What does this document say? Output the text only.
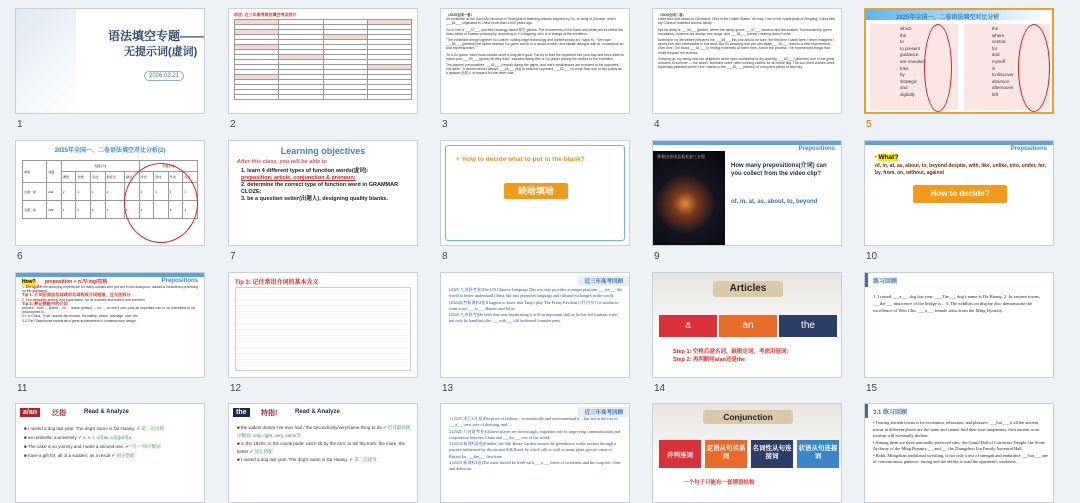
语法填空专题——
无提示词(虚词)
2026.03.21
1
语法: 近三年高考语法填空考点统计

2
（2025全国一卷）
An exhibition at the Jiuzhi Art Museum in Shanghai is featuring artwork inspired by Go, or weiqi in Chinese, which ___56___ originated in China more than 4,000 years ago.
Go is one of ___57___ (ancient) strategy-based 棋类 games. The movements of the black and white pieces reflect the basic ideas of Eastern philosophy, according to Yu Ningning, who is in charge of the exhibition.
"The exhibition brings together Go culture, cutting-edge technology and contemporary art," says Yu. "We hope ___58___ (present) the rather abstract Go game and AI in a visual context, and initiate dialogue with AI, conceptual art and expressionism."
"In a Go game, each move should serve a long-term goal. You try to lead the opponent into your trap and force them to follow your ___59___ (guide) till they lead," explains Wang Wei, a Go player among the visitors to the exhibition.
The players' personalities ___60___ (reveal) during the game, and one's weaknesses are exposed to the opponent," she adds. "A decent winner always ___61___ (try) to beat the opponent ___62___ no more than one or two points as a gesture 他展示 of respect for the other side."
3
（2025全国二卷）
I was born and raised in Cleveland, Ohio in the United States. Yet now, I live in the countryside of Zhejiang, China with my Chinese husband and his family.
Not far away is ___56___ garden, where the family grows ___57___ bamboo and tea bushes. Surrounded by green mountains, chickens are always free-range, and ___58___ (center) heating doesn't exist.
Nothing in my life before prepared me ___59___ this one-and-to be sure, the first time I came here I never imagined I would ever feel comfortable in this area. But it's amazing how you can adapt ___60___ learn in a new environment. Over time, I've found ___61___ (I) feeling extremely at home here. And in the process, I've experienced things that really surprise me at times.
Growing up, my family and our neighbors never used clothesline to dry clothing, ___62___ (discover) one of the great wonders of summer — the sweet "sunshine scent" after sunning clothes for an entire day. The sun-dried clothes smell especially pleasant where I live, thanks to the ___63___ (absent) of smog and plenty of blue sky.
4
2025年全国一、二卷语法填空对比分析
which
the
to
to present
guidance
are revealed
tries
by
strategic
and
digitally
the
where
central
for
and
myself
is
to discover
absence
afternoons
left
5
2025年全国一、二卷语法填空对比分析(2)
卷别	词数	有提示词					无提示词			
		谓语	非谓	名词	形容词	副词	介词	冠词	代词	连词
全国一卷	244	2	1	1	2		1	1	1	1
全国二卷	229	1	2	1	1	1	1		2	1
6
Learning objectives
After this class, you will be able to
1. learn 4 different types of function words(虚词):
preposition, article, conjunction & pronoun;
2. determine the correct type of function word in GRAMMAR CLOZE;
3. be a question setter(出题人), designing quality blanks.
7
✦ How to decide what to put in the blank?
缺啥填啥
8
Prepositions
带着这首诗去看长安三万里
How many prepositions(介词) can you collect from the video clip?
of, in, at, as, about, to, beyond
9
Prepositions
✦What?
of, in, at, as, about, to, beyond despite, with, like, unlike, into, under, for, by, from, on, without, against
How to decide?
10
Prepositions
How? preposition + n./V-ing/宾格
1. Despite the annoying experience for many tourists who got wet in the downpour, rainfall is considered promising on the grassland.
Tip 1: 介词后面加名词或动名词构成介词短语，且无法拆分
2. Tom between anxiety and expectation, so he frowned and smiled now and then.
Tip 2: 熟记搭配中的介词
prevent…from…, spend… on…, thank (praise) … for…, on one's own, play an important role in, be interested in, be accustomed to…
3.1 In China, "Knot" stands for reunion, friendship, peace, marriage, love, etc.
3.2 The Glasshouse stands as a great achievement in contemporary design.
11
Tip 3: 记住常用介词的基本含义
12
近三年高考回顾
(2025·九省联考卷)The UN Chinese Language Day not only provides a unique platform ___for___ the world to better understand China, but also promotes language and cultural exchanges in the world.
(2024高考新课标I卷)I happen to know that Tang's play The Peony Pavilion (《牡丹亭》) is similar in some ways ___to___ Romeo and Juliet.
(2024·九省联考)He feels that neat handwriting is still an important skill,as he has led students write not only by hand but also ___with___ old fashioned fountain pens.
13
Articles
a	an	the
Step 1: 空格后是名词，缺限定词，考虑用冠词;
Step 2: 再判断用a/an还是the
14
练习回顾
1. I raised ___a___ dog last year. ___The___ dog's name is Da Huang. 2. In ancient towns, ___the___ innocence of the bridge is... 3. The exhibits on display also demonstrate the excellence of Wen Chu, ___a___ female artist from the Ming Dynasty.
15
a/an	泛指	Read & Analyze
■ I raised a dog last year. The dog's name is Da Huang. ✔ 第一次出现
■ an umbrella; a university ✔ a, e, i, o用an; u发/ju/用a
■ The cake is so yummy and I want a second one. ✔ "另一"的序数词
■ have a gift for; all of a sudden; as a result ✔ 固定搭配
the	特指!	Read & Analyze
■ the widest dream I've ever had / the second/only/very/same thing to do ✔ 形容最高级, 序数词, only, right, very, same等
■ in the 1920s; in the countryside; catch sb by the arm; to tell the truth; the more, the better ✔ 固定搭配
■ I raised a dog last year. The dog's name is Da Huang. ✔ 第二次提及
近三年高考回顾
1.(2025·浙江1月卷)The price of fashion – economically and environmentally – has led to the rise of ___a___ new way of dressing, and …
2.(2025·九省联考卷)Chinese player are increasingly important role in improving communication and cooperation between China and ___the___ rest of the world.
3.(2024·新课标II卷)Further, the Silk Route Garden around the greenhouse walks visitors through a journey influenced by the ancient Silk Road, by which silk as well as many plant species came to Britain for ___the___ first time.
4.(2023·新课标I卷)The meal should be fresh with ___a___ touch of sweetness and the soup hot, clear and delicious.
Conjunction
并列连词
定语从句关系词
名词性从句连接词
状语从句连接词
一个句子只能有一套谓语结构
3.1 练习回顾
• Touring ancient towns is for recreation, relaxation, and pleasure, ___but___ if all the ancient towns in different places are the same and cannot find their own uniqueness, then ancient town tourism will eventually decline.
• Among them are three nationally protected sites: the Grand Hall of Confucius Temple, the Stone Archway of the Ming Dynasty ___and___ the Zhangzhou Lin Family Ancestral Hall.
• Bokh, Mongolian traditional wrestling, is not only a test of strength and endurance ___but___ one of concentration, patience, timing and the ability to read the opponent's weakness.
